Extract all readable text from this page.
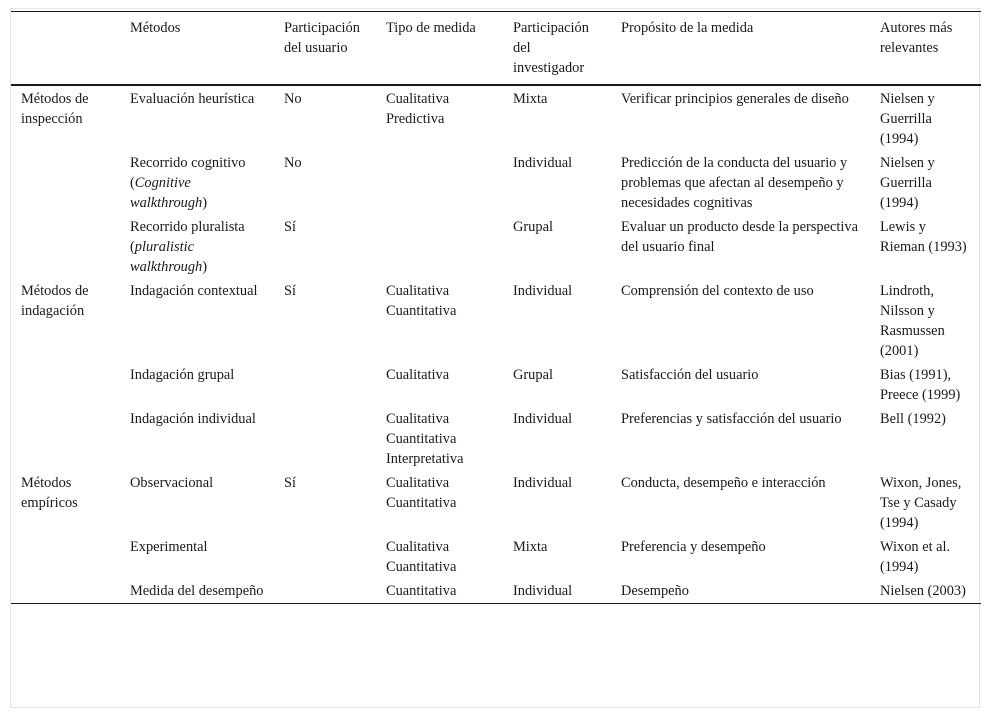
	Métodos	Participación del usuario	Tipo de medida	Participación del investigador	Propósito de la medida	Autores más relevantes
Métodos de inspección	Evaluación heurística	No	Cualitativa Predictiva	Mixta	Verificar principios generales de diseño	Nielsen y Guerrilla (1994)
	Recorrido cognitivo (Cognitive walkthrough)	No		Individual	Predicción de la conducta del usuario y problemas que afectan al desempeño y necesidades cognitivas	Nielsen y Guerrilla (1994)
	Recorrido pluralista (pluralistic walkthrough)	Sí		Grupal	Evaluar un producto desde la perspectiva del usuario final	Lewis y Rieman (1993)
Métodos de indagación	Indagación contextual	Sí	Cualitativa Cuantitativa	Individual	Comprensión del contexto de uso	Lindroth, Nilsson y Rasmussen (2001)
	Indagación grupal		Cualitativa	Grupal	Satisfacción del usuario	Bias (1991), Preece (1999)
	Indagación individual		Cualitativa Cuantitativa Interpretativa	Individual	Preferencias y satisfacción del usuario	Bell (1992)
Métodos empíricos	Observacional	Sí	Cualitativa Cuantitativa	Individual	Conducta, desempeño e interacción	Wixon, Jones, Tse y Casady (1994)
	Experimental		Cualitativa Cuantitativa	Mixta	Preferencia y desempeño	Wixon et al. (1994)
	Medida del desempeño		Cuantitativa	Individual	Desempeño	Nielsen (2003)
